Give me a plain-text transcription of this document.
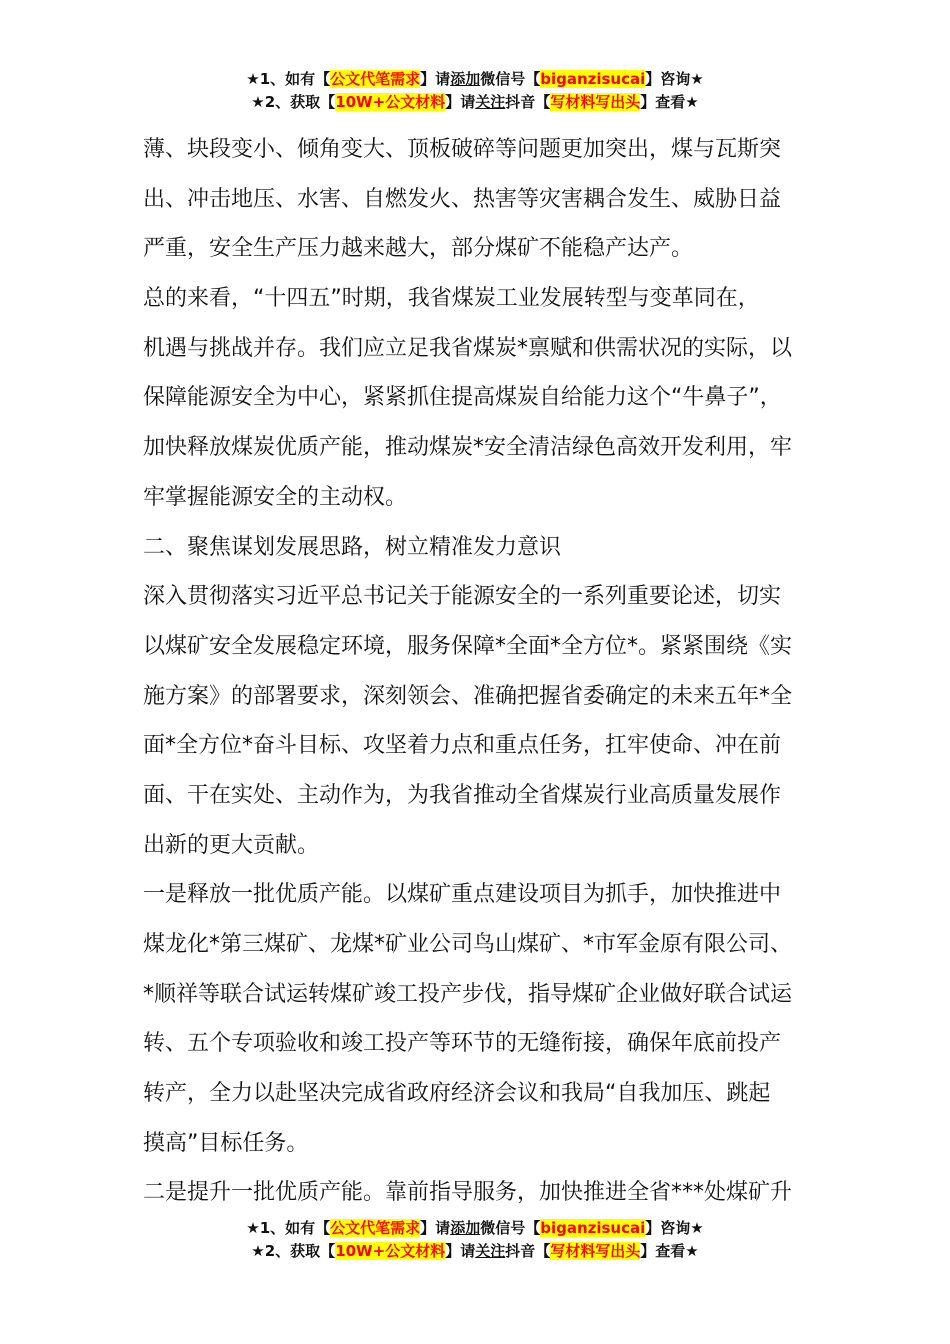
★1、如有【公文代笔需求】请添加微信号【biganzisucai】咨询★
★2、获取【10W+公文材料】请关注抖音【写材料写出头】查看★
薄、块段变小、倾角变大、顶板破碎等问题更加突出，煤与瓦斯突
出、冲击地压、水害、自燃发火、热害等灾害耦合发生、威胁日益
严重，安全生产压力越来越大，部分煤矿不能稳产达产。
总的来看，“十四五”时期，我省煤炭工业发展转型与变革同在，
机遇与挑战并存。我们应立足我省煤炭*禀赋和供需状况的实际，以
保障能源安全为中心，紧紧抓住提高煤炭自给能力这个“牛鼻子”，
加快释放煤炭优质产能，推动煤炭*安全清洁绿色高效开发利用，牢
牢掌握能源安全的主动权。
二、聚焦谋划发展思路，树立精准发力意识
深入贯彻落实习近平总书记关于能源安全的一系列重要论述，切实
以煤矿安全发展稳定环境，服务保障*全面*全方位*。紧紧围绕《实
施方案》的部署要求，深刻领会、准确把握省委确定的未来五年*全
面*全方位*奋斗目标、攻坚着力点和重点任务，扛牢使命、冲在前
面、干在实处、主动作为，为我省推动全省煤炭行业高质量发展作
出新的更大贡献。
一是释放一批优质产能。以煤矿重点建设项目为抓手，加快推进中
煤龙化*第三煤矿、龙煤*矿业公司鸟山煤矿、*市军金原有限公司、
*顺祥等联合试运转煤矿竣工投产步伐，指导煤矿企业做好联合试运
转、五个专项验收和竣工投产等环节的无缝衔接，确保年底前投产
转产，全力以赴坚决完成省政府经济会议和我局“自我加压、跳起
摸高”目标任务。
二是提升一批优质产能。靠前指导服务，加快推进全省***处煤矿升
★1、如有【公文代笔需求】请添加微信号【biganzisucai】咨询★
★2、获取【10W+公文材料】请关注抖音【写材料写出头】查看★
